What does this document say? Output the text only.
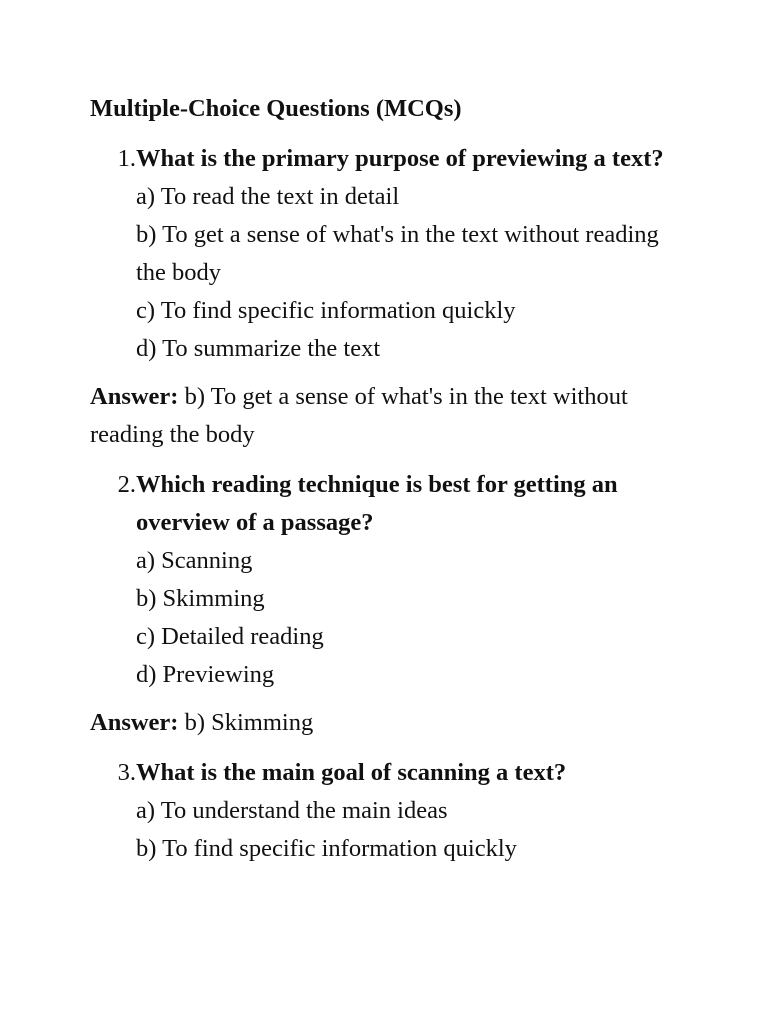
Multiple-Choice Questions (MCQs)

1. What is the primary purpose of previewing a text?
a) To read the text in detail
b) To get a sense of what's in the text without reading the body
c) To find specific information quickly
d) To summarize the text
Answer: b) To get a sense of what's in the text without reading the body
2. Which reading technique is best for getting an overview of a passage?
a) Scanning
b) Skimming
c) Detailed reading
d) Previewing
Answer: b) Skimming
3. What is the main goal of scanning a text?
a) To understand the main ideas
b) To find specific information quickly
